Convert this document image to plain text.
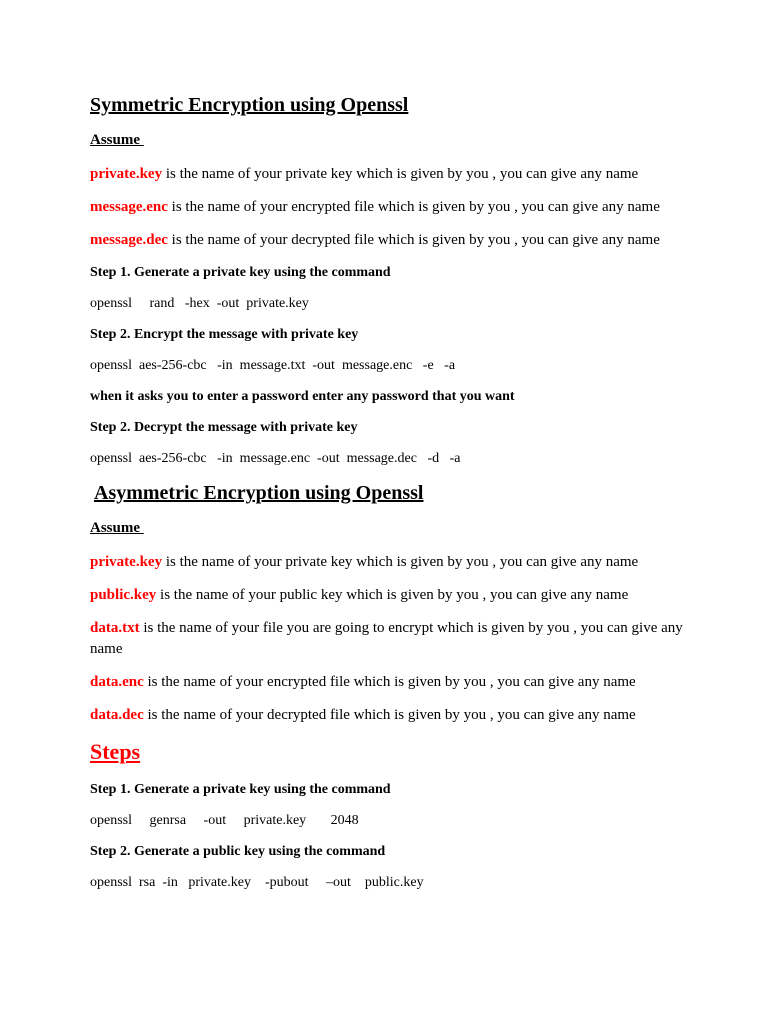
Symmetric Encryption using Openssl
Assume
private.key is the name of your private key which is given by you , you can give any name
message.enc is the name of your encrypted file which is given by you , you can give any name
message.dec is the name of your decrypted file which is given by you , you can give any name
Step 1. Generate a private key using the command
openssl     rand   -hex  -out  private.key
Step 2. Encrypt the message with private key
openssl  aes-256-cbc   -in  message.txt  -out  message.enc   -e   -a
when it asks you to enter a password enter any password that you want
Step 2. Decrypt the message with private key
openssl  aes-256-cbc   -in  message.enc  -out  message.dec   -d   -a
Asymmetric Encryption using Openssl
Assume
private.key is the name of your private key which is given by you , you can give any name
public.key is the name of your public key which is given by you , you can give any name
data.txt is the name of your file you are going to encrypt which is given by you , you can give any name
data.enc is the name of your encrypted file which is given by you , you can give any name
data.dec is the name of your decrypted file which is given by you , you can give any name
Steps
Step 1. Generate a private key using the command
openssl     genrsa     -out     private.key       2048
Step 2. Generate a public key using the command
openssl  rsa  -in   private.key    -pubout     –out    public.key
